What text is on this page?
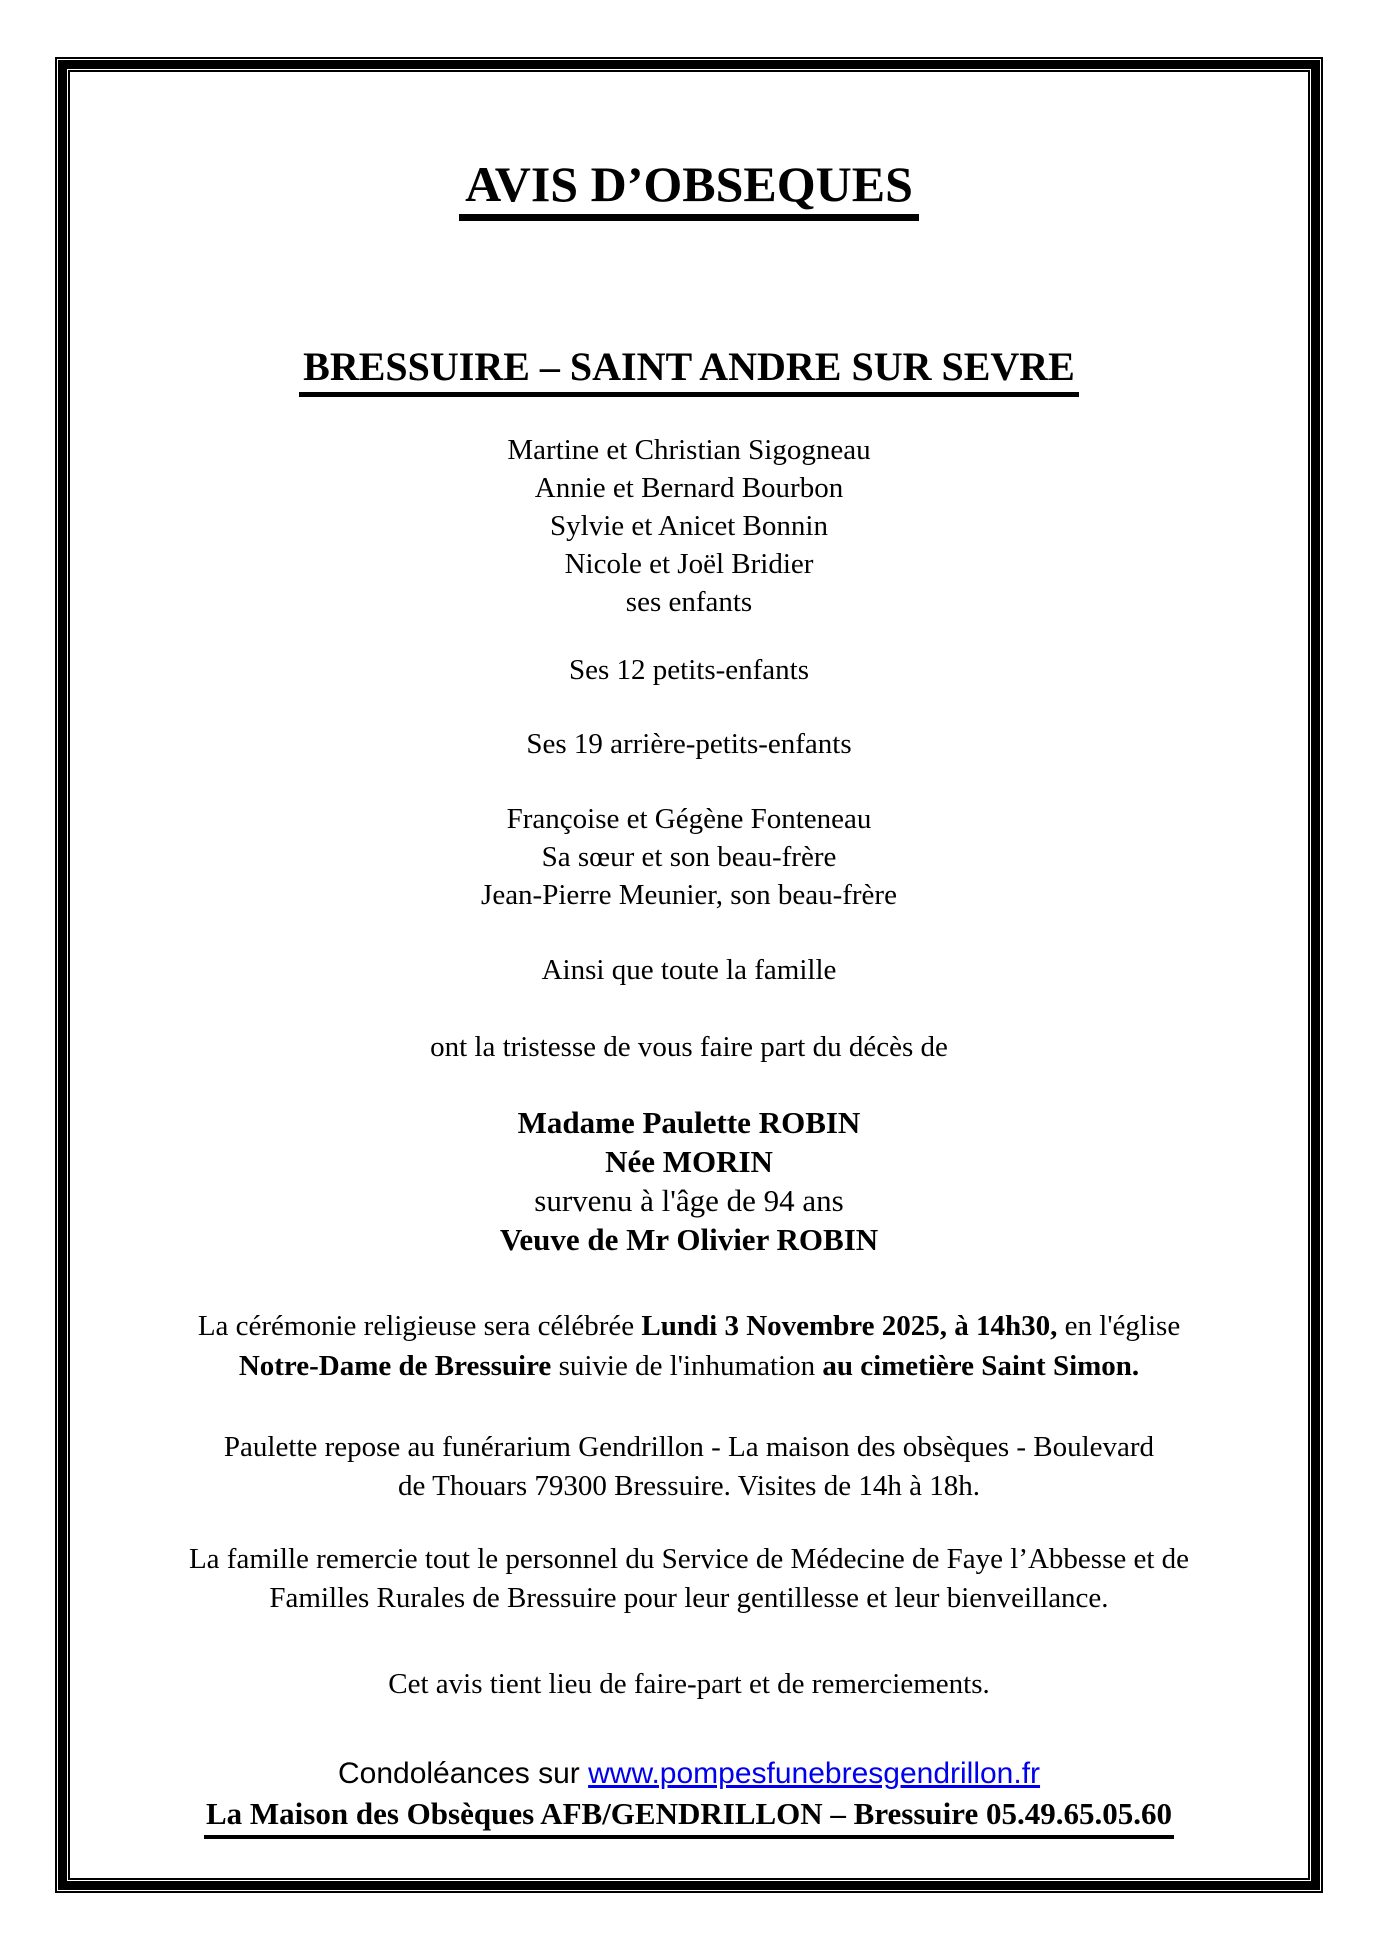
AVIS D’OBSEQUES
BRESSUIRE – SAINT ANDRE SUR SEVRE
Martine et Christian Sigogneau
Annie et Bernard Bourbon
Sylvie et Anicet Bonnin
Nicole et Joël Bridier
ses enfants
Ses 12 petits-enfants
Ses 19 arrière-petits-enfants
Françoise et Gégène Fonteneau
Sa sœur et son beau-frère
Jean-Pierre Meunier, son beau-frère
Ainsi que toute la famille
ont la tristesse de vous faire part du décès de
Madame Paulette ROBIN
Née MORIN
survenu à l'âge de 94 ans
Veuve de Mr Olivier ROBIN
La cérémonie religieuse sera célébrée Lundi 3 Novembre 2025, à 14h30, en l'église
Notre-Dame de Bressuire suivie de l'inhumation au cimetière Saint Simon.
Paulette repose au funérarium Gendrillon - La maison des obsèques - Boulevard
de Thouars 79300 Bressuire. Visites de 14h à 18h.
La famille remercie tout le personnel du Service de Médecine de Faye l’Abbesse et de
Familles Rurales de Bressuire pour leur gentillesse et leur bienveillance.
Cet avis tient lieu de faire-part et de remerciements.
Condoléances sur www.pompesfunebresgendrillon.fr
La Maison des Obsèques AFB/GENDRILLON – Bressuire 05.49.65.05.60
